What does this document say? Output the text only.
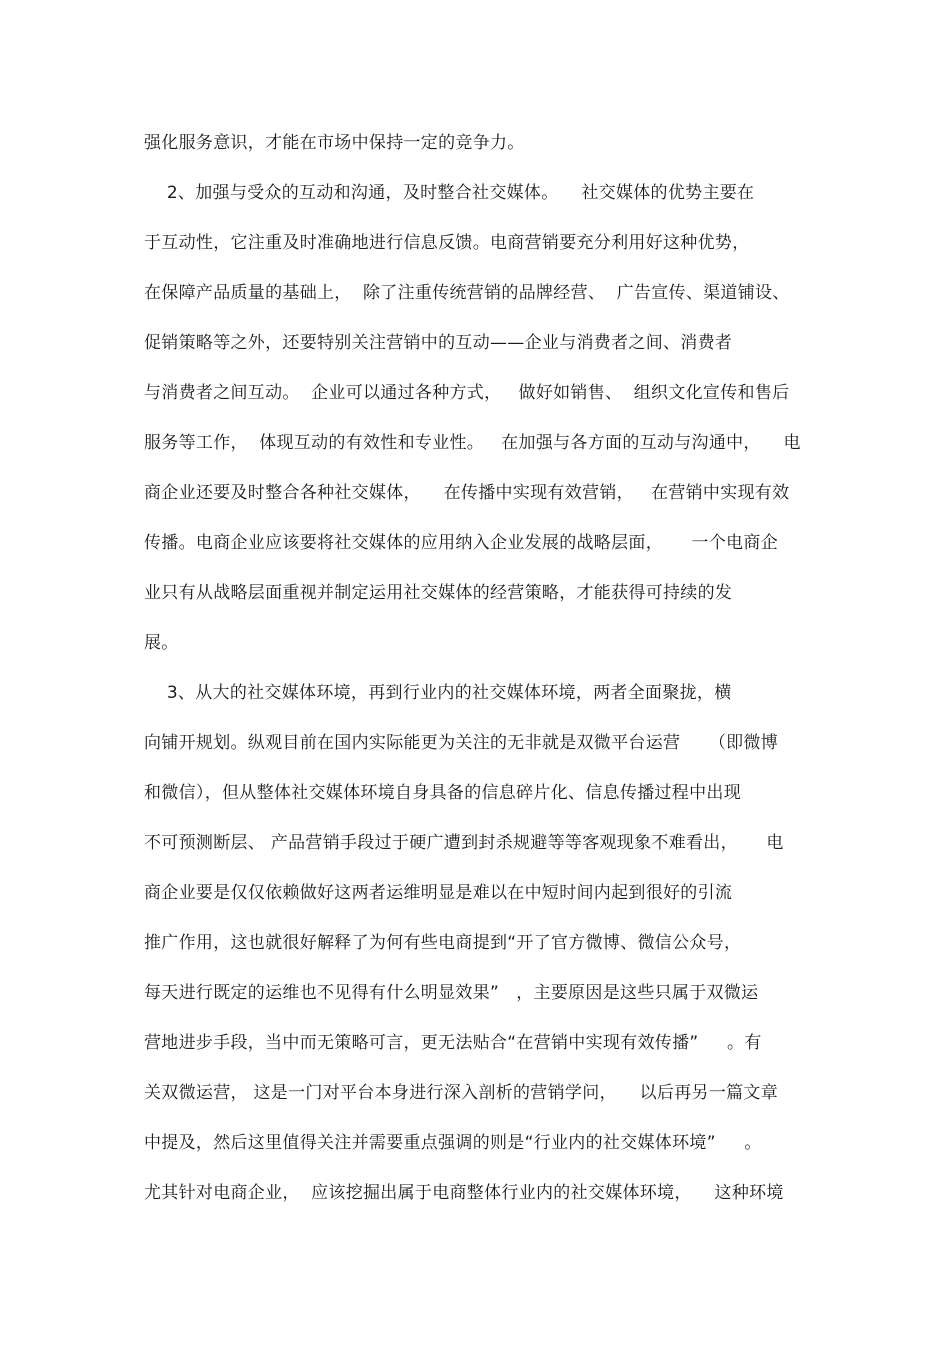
强化服务意识，才能在市场中保持一定的竞争力。
2、加强与受众的互动和沟通，及时整合社交媒体。    社交媒体的优势主要在
于互动性，它注重及时准确地进行信息反馈。电商营销要充分利用好这种优势，
在保障产品质量的基础上，  除了注重传统营销的品牌经营、  广告宣传、渠道铺设、
促销策略等之外，还要特别关注营销中的互动——企业与消费者之间、消费者
与消费者之间互动。  企业可以通过各种方式，   做好如销售、  组织文化宣传和售后
服务等工作，  体现互动的有效性和专业性。   在加强与各方面的互动与沟通中，    电
商企业还要及时整合各种社交媒体，    在传播中实现有效营销，   在营销中实现有效
传播。电商企业应该要将社交媒体的应用纳入企业发展的战略层面，     一个电商企
业只有从战略层面重视并制定运用社交媒体的经营策略，才能获得可持续的发
展。
3、从大的社交媒体环境，再到行业内的社交媒体环境，两者全面聚拢，横
向铺开规划。纵观目前在国内实际能更为关注的无非就是双微平台运营     （即微博
和微信），但从整体社交媒体环境自身具备的信息碎片化、信息传播过程中出现
不可预测断层、 产品营销手段过于硬广遭到封杀规避等等客观现象不难看出，     电
商企业要是仅仅依赖做好这两者运维明显是难以在中短时间内起到很好的引流
推广作用，这也就很好解释了为何有些电商提到“开了官方微博、微信公众号，
每天进行既定的运维也不见得有什么明显效果”   ，主要原因是这些只属于双微运
营地进步手段，当中而无策略可言，更无法贴合“在营销中实现有效传播”     。有
关双微运营， 这是一门对平台本身进行深入剖析的营销学问，    以后再另一篇文章
中提及，然后这里值得关注并需要重点强调的则是“行业内的社交媒体环境”     。
尤其针对电商企业，  应该挖掘出属于电商整体行业内的社交媒体环境，    这种环境
